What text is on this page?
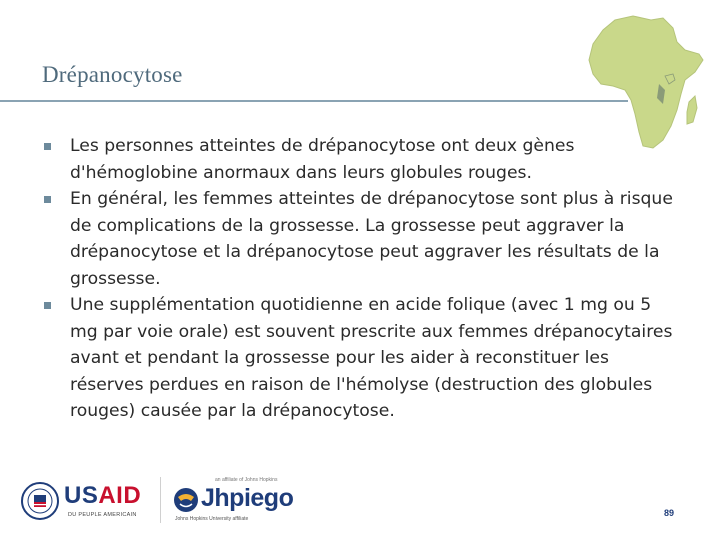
Drépanocytose
Les personnes atteintes de drépanocytose ont deux gènes d'hémoglobine anormaux dans leurs globules rouges.
En général, les femmes atteintes de drépanocytose sont plus à risque de complications de la grossesse. La grossesse peut aggraver la drépanocytose et la drépanocytose peut aggraver les résultats de la grossesse.
Une supplémentation quotidienne en acide folique (avec 1 mg ou 5 mg par voie orale) est souvent prescrite aux femmes drépanocytaires avant et pendant la grossesse pour les aider à reconstituer les réserves perdues en raison de l'hémolyse (destruction des globules rouges) causée par la drépanocytose.
USAID
DU PEUPLE AMERICAIN
an affiliate of Johns Hopkins
Jhpiego
Johns Hopkins University affiliate
89
